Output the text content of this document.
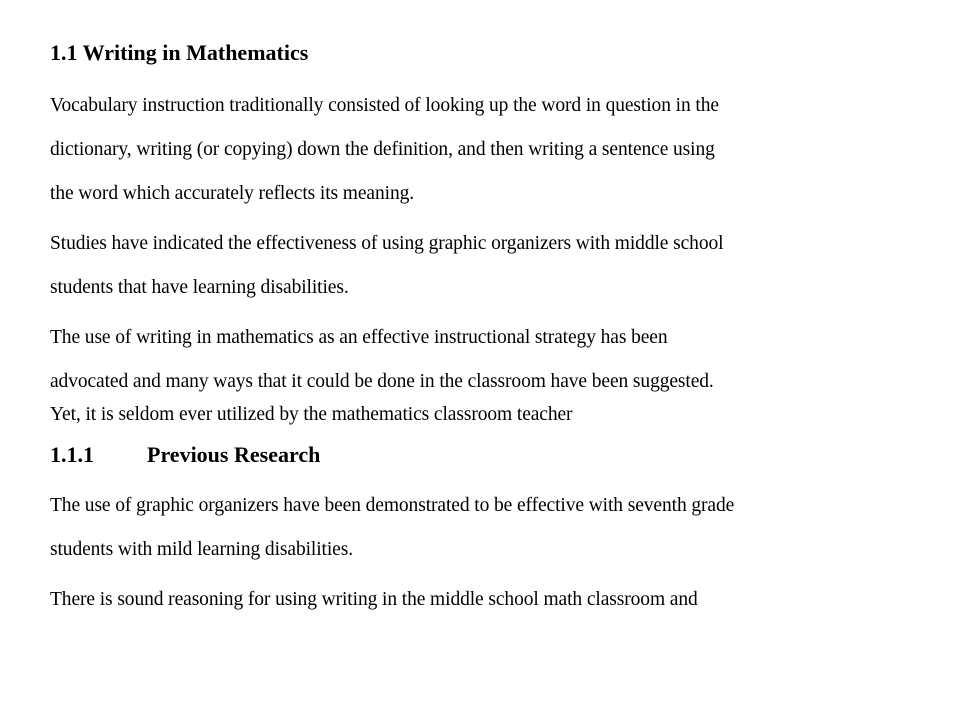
1.1 Writing in Mathematics
Vocabulary instruction traditionally consisted of looking up the word in question in the
dictionary, writing (or copying) down the definition, and then writing a sentence using
the word which accurately reflects its meaning.
Studies have indicated the effectiveness of using graphic organizers with middle school
students that have learning disabilities.
The use of writing in mathematics as an effective instructional strategy has been
advocated and many ways that it could be done in the classroom have been suggested.
Yet, it is seldom ever utilized by the mathematics classroom teacher
1.1.1	Previous Research
The use of graphic organizers have been demonstrated to be effective with seventh grade
students with mild learning disabilities.
There is sound reasoning for using writing in the middle school math classroom and
